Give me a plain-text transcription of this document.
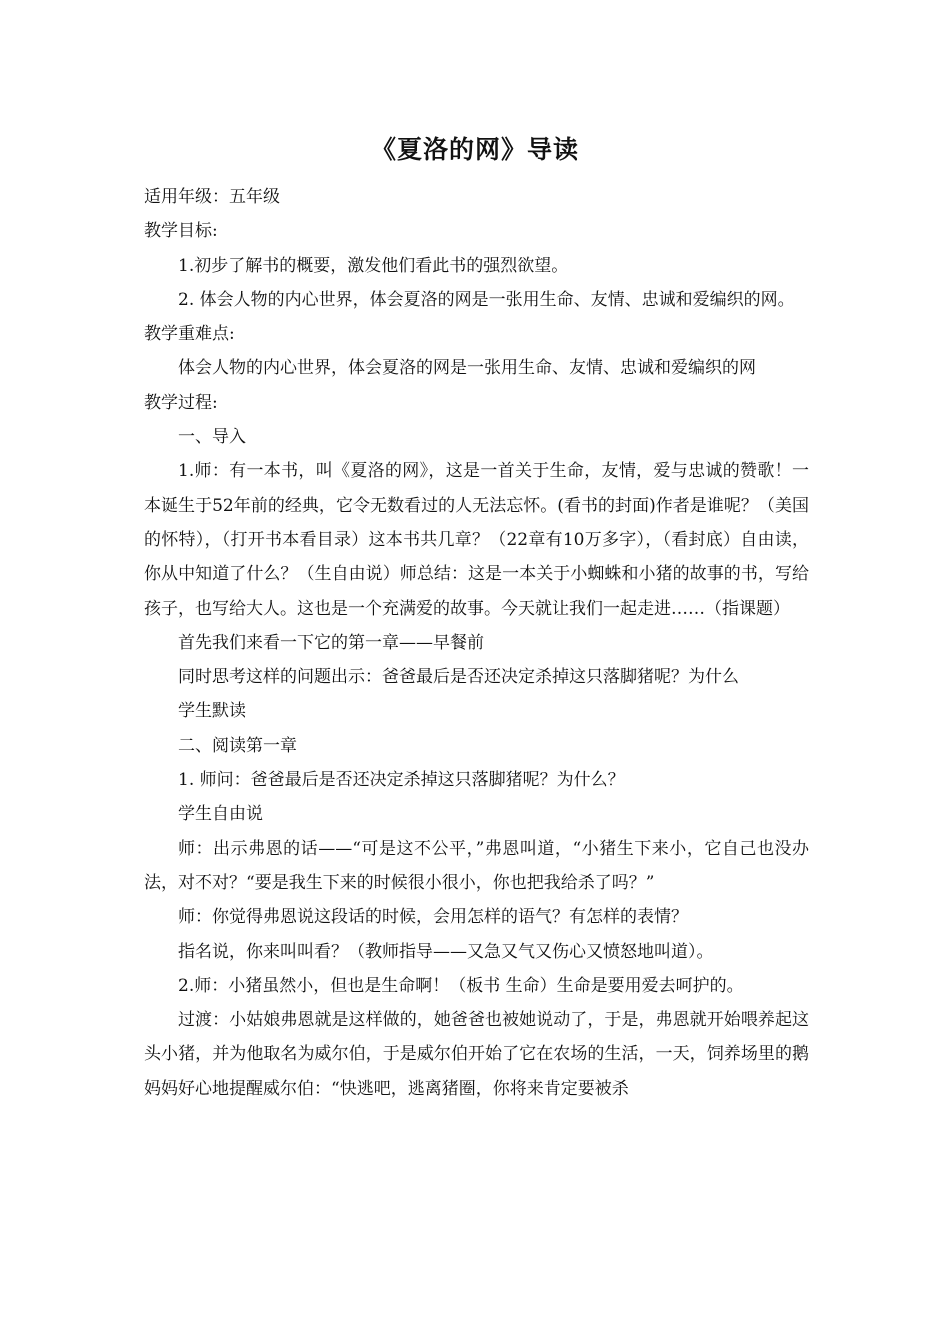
《夏洛的网》导读

适用年级：五年级

教学目标:

1.初步了解书的概要，激发他们看此书的强烈欲望。

2. 体会人物的内心世界，体会夏洛的网是一张用生命、友情、忠诚和爱编织的网。

教学重难点:

体会人物的内心世界，体会夏洛的网是一张用生命、友情、忠诚和爱编织的网

教学过程:

一、导入

1.师：有一本书，叫《夏洛的网》，这是一首关于生命，友情，爱与忠诚的赞歌！一本诞生于52年前的经典，它令无数看过的人无法忘怀。(看书的封面)作者是谁呢？（美国的怀特），（打开书本看目录）这本书共几章？（22章有10万多字），（看封底）自由读，你从中知道了什么？（生自由说）师总结：这是一本关于小蜘蛛和小猪的故事的书，写给孩子，也写给大人。这也是一个充满爱的故事。今天就让我们一起走进……（指课题）

首先我们来看一下它的第一章——早餐前

同时思考这样的问题出示：爸爸最后是否还决定杀掉这只落脚猪呢？为什么

学生默读

二、阅读第一章

1. 师问：爸爸最后是否还决定杀掉这只落脚猪呢？为什么？

学生自由说

师：出示弗恩的话——“可是这不公平，”弗恩叫道，“小猪生下来小，它自己也没办法，对不对？“要是我生下来的时候很小很小，你也把我给杀了吗？”

师：你觉得弗恩说这段话的时候，会用怎样的语气？有怎样的表情？

指名说，你来叫叫看？（教师指导——又急又气又伤心又愤怒地叫道）。

2.师：小猪虽然小，但也是生命啊！（板书 生命）生命是要用爱去呵护的。

过渡：小姑娘弗恩就是这样做的，她爸爸也被她说动了，于是，弗恩就开始喂养起这头小猪，并为他取名为威尔伯，于是威尔伯开始了它在农场的生活，一天，饲养场里的鹅妈妈好心地提醒威尔伯：“快逃吧，逃离猪圈，你将来肯定要被杀
